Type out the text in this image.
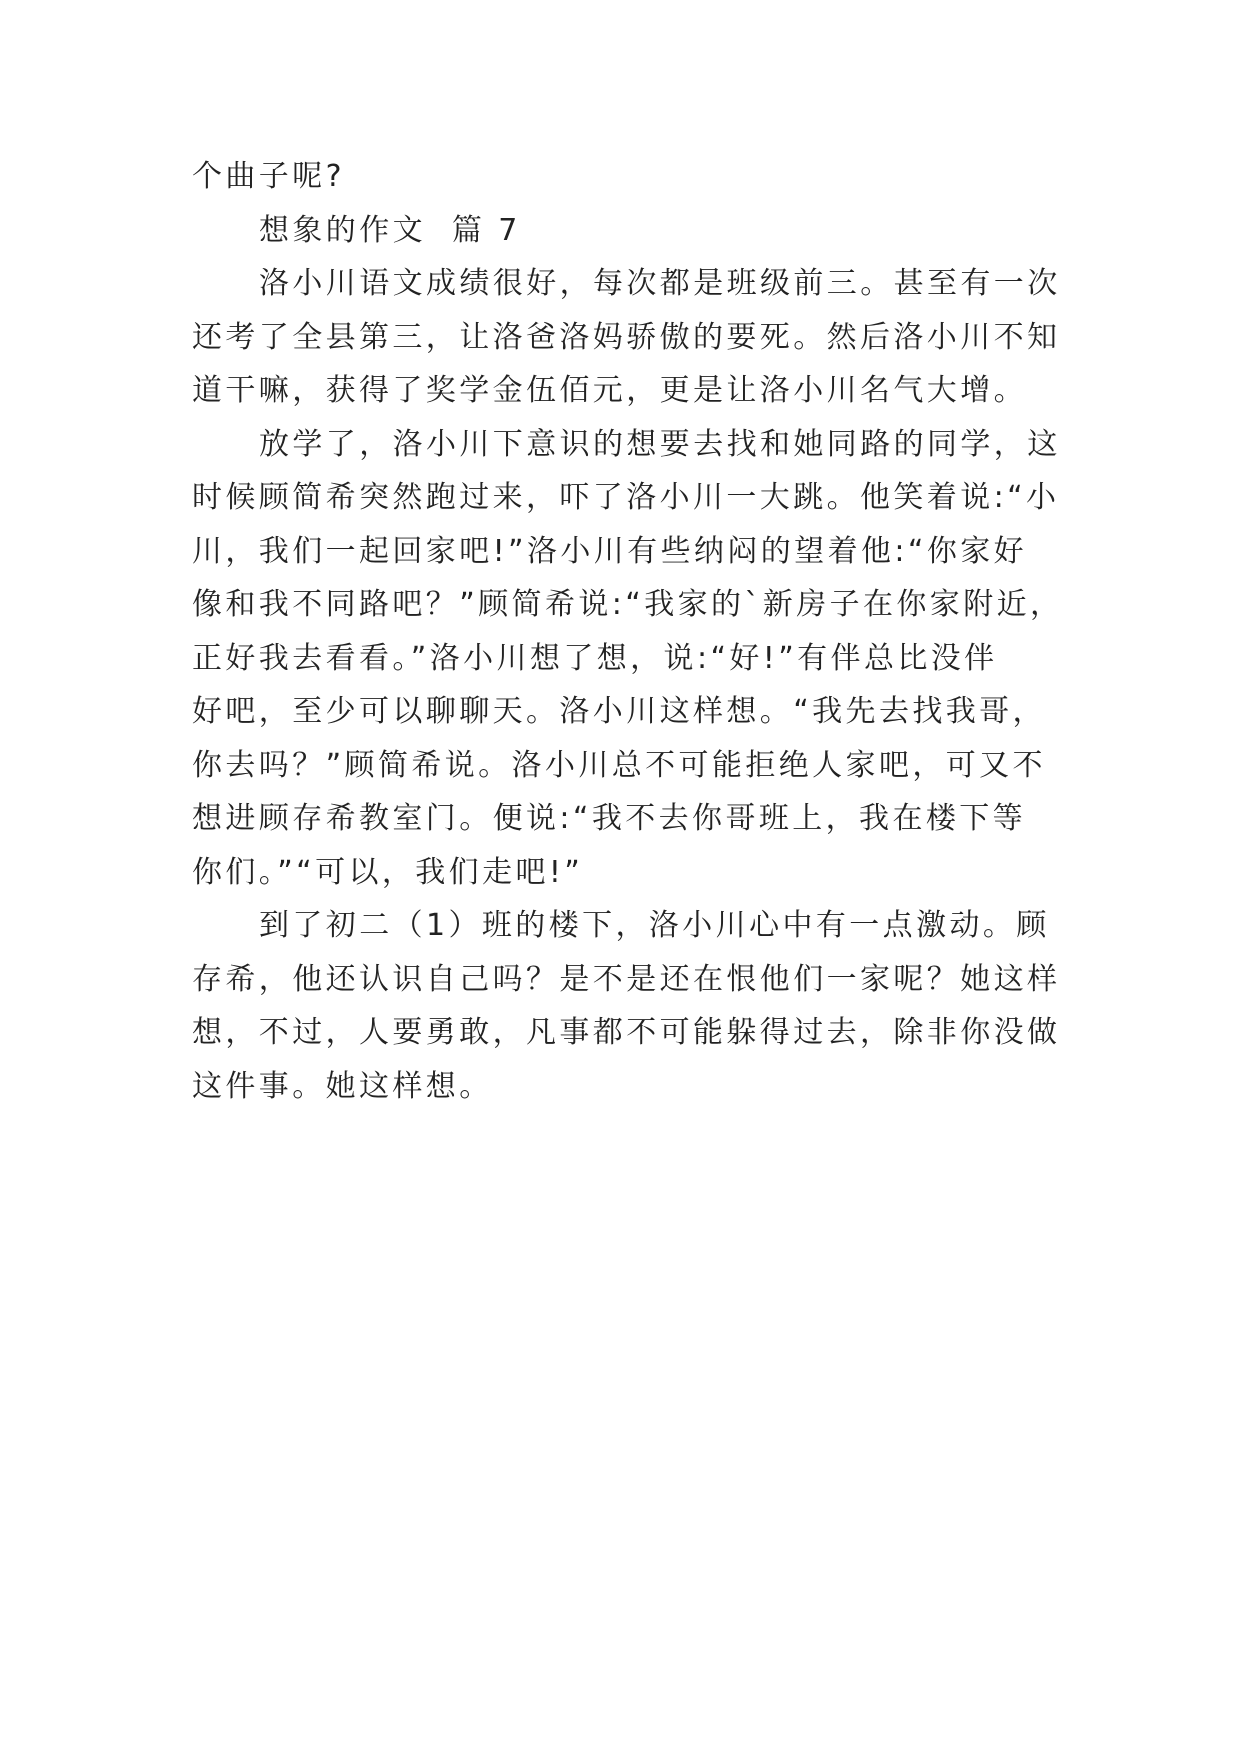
个曲子呢?

想象的作文  篇 7

洛小川语文成绩很好，每次都是班级前三。甚至有一次
还考了全县第三，让洛爸洛妈骄傲的要死。然后洛小川不知
道干嘛，获得了奖学金伍佰元，更是让洛小川名气大增。
放学了，洛小川下意识的想要去找和她同路的同学，这
时候顾简希突然跑过来，吓了洛小川一大跳。他笑着说:“小
川，我们一起回家吧!”洛小川有些纳闷的望着他:“你家好
像和我不同路吧？”顾简希说:“我家的`新房子在你家附近，
正好我去看看。”洛小川想了想，说:“好!”有伴总比没伴
好吧，至少可以聊聊天。洛小川这样想。“我先去找我哥，
你去吗？”顾简希说。洛小川总不可能拒绝人家吧，可又不
想进顾存希教室门。便说:“我不去你哥班上，我在楼下等
你们。”“可以，我们走吧!”
到了初二（1）班的楼下，洛小川心中有一点激动。顾
存希，他还认识自己吗？是不是还在恨他们一家呢？她这样
想，不过，人要勇敢，凡事都不可能躲得过去，除非你没做
这件事。她这样想。
